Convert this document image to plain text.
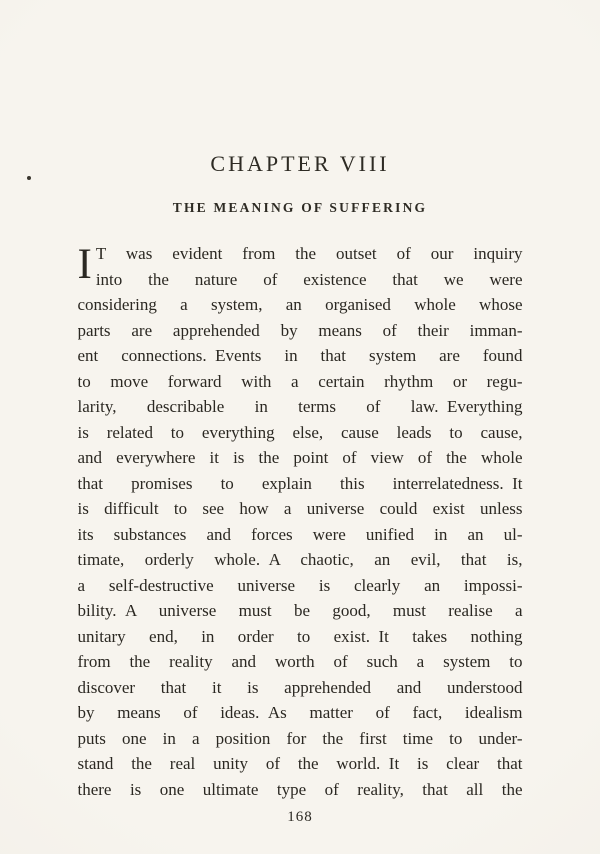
CHAPTER VIII
THE MEANING OF SUFFERING
I T was evident from the outset of our inquiry
into the nature of existence that we were
considering a system, an organised whole whose
parts are apprehended by means of their imman-
ent connections. Events in that system are found
to move forward with a certain rhythm or regu-
larity, describable in terms of law. Everything
is related to everything else, cause leads to cause,
and everywhere it is the point of view of the whole
that promises to explain this interrelatedness. It
is difficult to see how a universe could exist unless
its substances and forces were unified in an ul-
timate, orderly whole. A chaotic, an evil, that is,
a self-destructive universe is clearly an impossi-
bility. A universe must be good, must realise a
unitary end, in order to exist. It takes nothing
from the reality and worth of such a system to
discover that it is apprehended and understood
by means of ideas. As matter of fact, idealism
puts one in a position for the first time to under-
stand the real unity of the world. It is clear that
there is one ultimate type of reality, that all the
168
